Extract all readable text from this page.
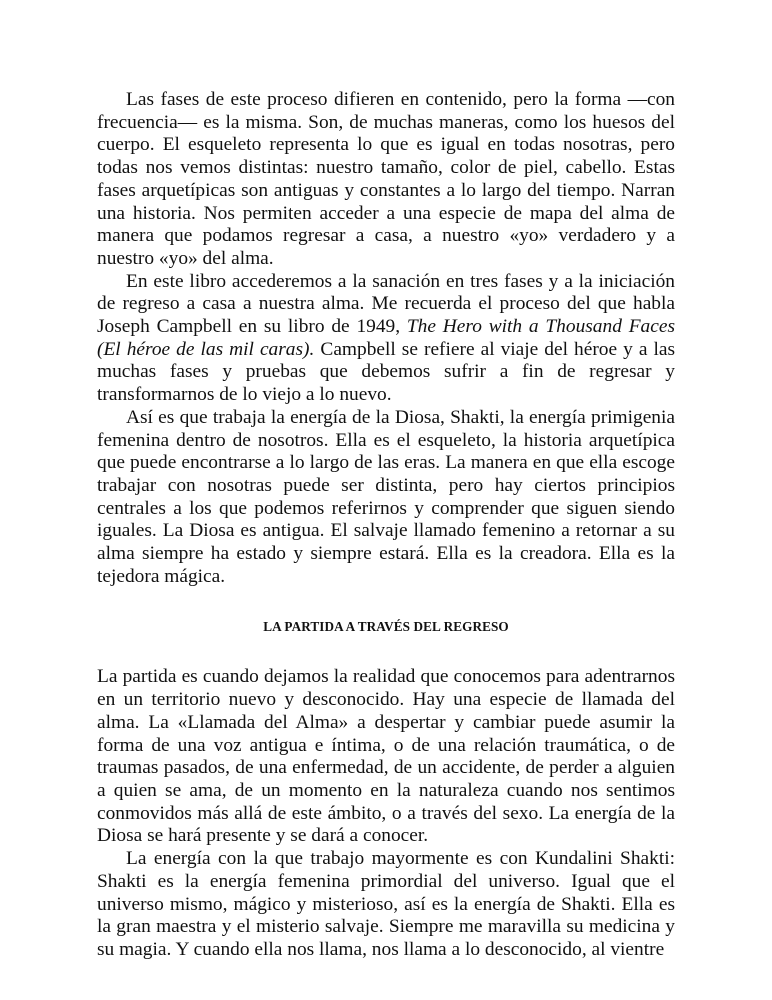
Las fases de este proceso difieren en contenido, pero la forma —con frecuencia— es la misma. Son, de muchas maneras, como los huesos del cuerpo. El esqueleto representa lo que es igual en todas nosotras, pero todas nos vemos distintas: nuestro tamaño, color de piel, cabello. Estas fases arquetípicas son antiguas y constantes a lo largo del tiempo. Narran una historia. Nos permiten acceder a una especie de mapa del alma de manera que podamos regresar a casa, a nuestro «yo» verdadero y a nuestro «yo» del alma.

En este libro accederemos a la sanación en tres fases y a la iniciación de regreso a casa a nuestra alma. Me recuerda el proceso del que habla Joseph Campbell en su libro de 1949, The Hero with a Thousand Faces (El héroe de las mil caras). Campbell se refiere al viaje del héroe y a las muchas fases y pruebas que debemos sufrir a fin de regresar y transformarnos de lo viejo a lo nuevo.

Así es que trabaja la energía de la Diosa, Shakti, la energía primigenia femenina dentro de nosotros. Ella es el esqueleto, la historia arquetípica que puede encontrarse a lo largo de las eras. La manera en que ella escoge trabajar con nosotras puede ser distinta, pero hay ciertos principios centrales a los que podemos referirnos y comprender que siguen siendo iguales. La Diosa es antigua. El salvaje llamado femenino a retornar a su alma siempre ha estado y siempre estará. Ella es la creadora. Ella es la tejedora mágica.

LA PARTIDA A TRAVÉS DEL REGRESO

La partida es cuando dejamos la realidad que conocemos para adentrarnos en un territorio nuevo y desconocido. Hay una especie de llamada del alma. La «Llamada del Alma» a despertar y cambiar puede asumir la forma de una voz antigua e íntima, o de una relación traumática, o de traumas pasados, de una enfermedad, de un accidente, de perder a alguien a quien se ama, de un momento en la naturaleza cuando nos sentimos conmovidos más allá de este ámbito, o a través del sexo. La energía de la Diosa se hará presente y se dará a conocer.

La energía con la que trabajo mayormente es con Kundalini Shakti: Shakti es la energía femenina primordial del universo. Igual que el universo mismo, mágico y misterioso, así es la energía de Shakti. Ella es la gran maestra y el misterio salvaje. Siempre me maravilla su medicina y su magia. Y cuando ella nos llama, nos llama a lo desconocido, al vientre
